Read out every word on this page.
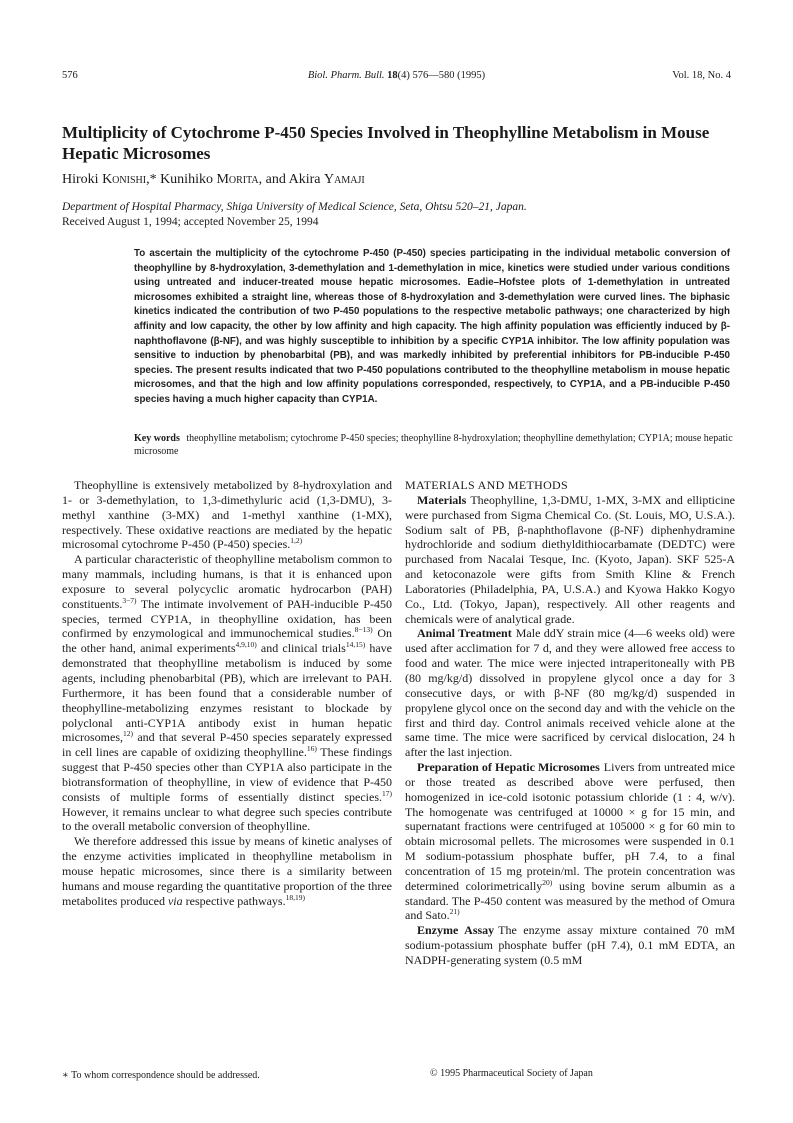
576	Biol. Pharm. Bull. 18(4) 576—580 (1995)	Vol. 18, No. 4
Multiplicity of Cytochrome P-450 Species Involved in Theophylline Metabolism in Mouse Hepatic Microsomes
Hiroki Konishi,* Kunihiko Morita, and Akira Yamaji
Department of Hospital Pharmacy, Shiga University of Medical Science, Seta, Ohtsu 520–21, Japan.
Received August 1, 1994; accepted November 25, 1994
To ascertain the multiplicity of the cytochrome P-450 (P-450) species participating in the individual metabolic conversion of theophylline by 8-hydroxylation, 3-demethylation and 1-demethylation in mice, kinetics were studied under various conditions using untreated and inducer-treated mouse hepatic microsomes. Eadie–Hofstee plots of 1-demethylation in untreated microsomes exhibited a straight line, whereas those of 8-hydroxylation and 3-demethylation were curved lines. The biphasic kinetics indicated the contribution of two P-450 populations to the respective metabolic pathways; one characterized by high affinity and low capacity, the other by low affinity and high capacity. The high affinity population was efficiently induced by β-naphthoflavone (β-NF), and was highly susceptible to inhibition by a specific CYP1A inhibitor. The low affinity population was sensitive to induction by phenobarbital (PB), and was markedly inhibited by preferential inhibitors for PB-inducible P-450 species. The present results indicated that two P-450 populations contributed to the theophylline metabolism in mouse hepatic microsomes, and that the high and low affinity populations corresponded, respectively, to CYP1A, and a PB-inducible P-450 species having a much higher capacity than CYP1A.
Key words theophylline metabolism; cytochrome P-450 species; theophylline 8-hydroxylation; theophylline demethylation; CYP1A; mouse hepatic microsome

Theophylline is extensively metabolized by 8-hydroxylation and 1- or 3-demethylation, to 1,3-dimethyluric acid (1,3-DMU), 3-methyl xanthine (3-MX) and 1-methyl xanthine (1-MX), respectively. These oxidative reactions are mediated by the hepatic microsomal cytochrome P-450 (P-450) species.$^{1,2)}$

A particular characteristic of theophylline metabolism common to many mammals, including humans, is that it is enhanced upon exposure to several polycyclic aromatic hydrocarbon (PAH) constituents.$^{3-7)}$ The intimate involvement of PAH-inducible P-450 species, termed CYP1A, in theophylline oxidation, has been confirmed by enzymological and immunochemical studies.$^{8-13)}$ On the other hand, animal experiments$^{4,9,10)}$ and clinical trials$^{14,15)}$ have demonstrated that theophylline metabolism is induced by some agents, including phenobarbital (PB), which are irrelevant to PAH. Furthermore, it has been found that a considerable number of theophylline-metabolizing enzymes resistant to blockade by polyclonal anti-CYP1A antibody exist in human hepatic microsomes,$^{12)}$ and that several P-450 species separately expressed in cell lines are capable of oxidizing theophylline.$^{16)}$ These findings suggest that P-450 species other than CYP1A also participate in the biotransformation of theophylline, in view of evidence that P-450 consists of multiple forms of essentially distinct species.$^{17)}$ However, it remains unclear to what degree such species contribute to the overall metabolic conversion of theophylline.

We therefore addressed this issue by means of kinetic analyses of the enzyme activities implicated in theophylline metabolism in mouse hepatic microsomes, since there is a similarity between humans and mouse regarding the quantitative proportion of the three metabolites produced via respective pathways.$^{18,19)}$

MATERIALS AND METHODS

Materials Theophylline, 1,3-DMU, 1-MX, 3-MX and ellipticine were purchased from Sigma Chemical Co. (St. Louis, MO, U.S.A.). Sodium salt of PB, β-naphthoflavone (β-NF) diphenhydramine hydrochloride and sodium diethyldithiocarbamate (DEDTC) were purchased from Nacalai Tesque, Inc. (Kyoto, Japan). SKF 525-A and ketoconazole were gifts from Smith Kline & French Laboratories (Philadelphia, PA, U.S.A.) and Kyowa Hakko Kogyo Co., Ltd. (Tokyo, Japan), respectively. All other reagents and chemicals were of analytical grade.

Animal Treatment Male ddY strain mice (4—6 weeks old) were used after acclimation for 7 d, and they were allowed free access to food and water. The mice were injected intraperitoneally with PB (80 mg/kg/d) dissolved in propylene glycol once a day for 3 consecutive days, or with β-NF (80 mg/kg/d) suspended in propylene glycol once on the second day and with the vehicle on the first and third day. Control animals received vehicle alone at the same time. The mice were sacrificed by cervical dislocation, 24 h after the last injection.

Preparation of Hepatic Microsomes Livers from untreated mice or those treated as described above were perfused, then homogenized in ice-cold isotonic potassium chloride (1 : 4, w/v). The homogenate was centrifuged at 10000 × g for 15 min, and supernatant fractions were centrifuged at 105000 × g for 60 min to obtain microsomal pellets. The microsomes were suspended in 0.1 M sodium-potassium phosphate buffer, pH 7.4, to a final concentration of 15 mg protein/ml. The protein concentration was determined colorimetrically$^{20)}$ using bovine serum albumin as a standard. The P-450 content was measured by the method of Omura and Sato.$^{21)}$

Enzyme Assay The enzyme assay mixture contained 70 mM sodium-potassium phosphate buffer (pH 7.4), 0.1 mM EDTA, an NADPH-generating system (0.5 mM

∗ To whom correspondence should be addressed.	© 1995 Pharmaceutical Society of Japan
